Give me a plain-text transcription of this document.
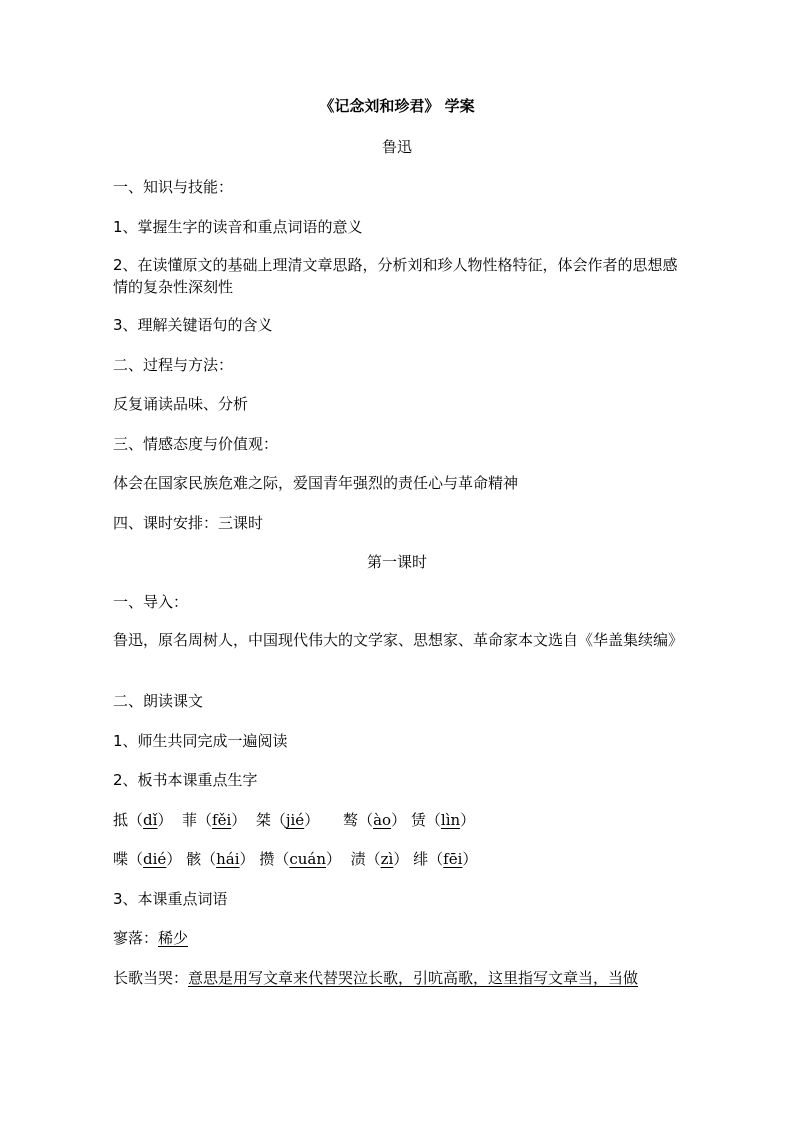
《记念刘和珍君》 学案
鲁迅
一、知识与技能：
1、掌握生字的读音和重点词语的意义
2、在读懂原文的基础上理清文章思路，分析刘和珍人物性格特征，体会作者的思想感情的复杂性深刻性
3、理解关键语句的含义
二、过程与方法：
反复诵读品味、分析
三、情感态度与价值观：
体会在国家民族危难之际，爱国青年强烈的责任心与革命精神
四、课时安排：三课时
第一课时
一、导入：
鲁迅，原名周树人，中国现代伟大的文学家、思想家、革命家本文选自《华盖集续编》
二、朗读课文
1、师生共同完成一遍阅读
2、板书本课重点生字
抵（dǐ）  菲（fěi）  桀（jié）     骜（ào） 赁（lìn）
喋（dié） 骸（hái） 攒（cuán）  渍（zì） 绯（fēi）
3、本课重点词语
寥落：稀少
长歌当哭：意思是用写文章来代替哭泣长歌，引吭高歌，这里指写文章当，当做
